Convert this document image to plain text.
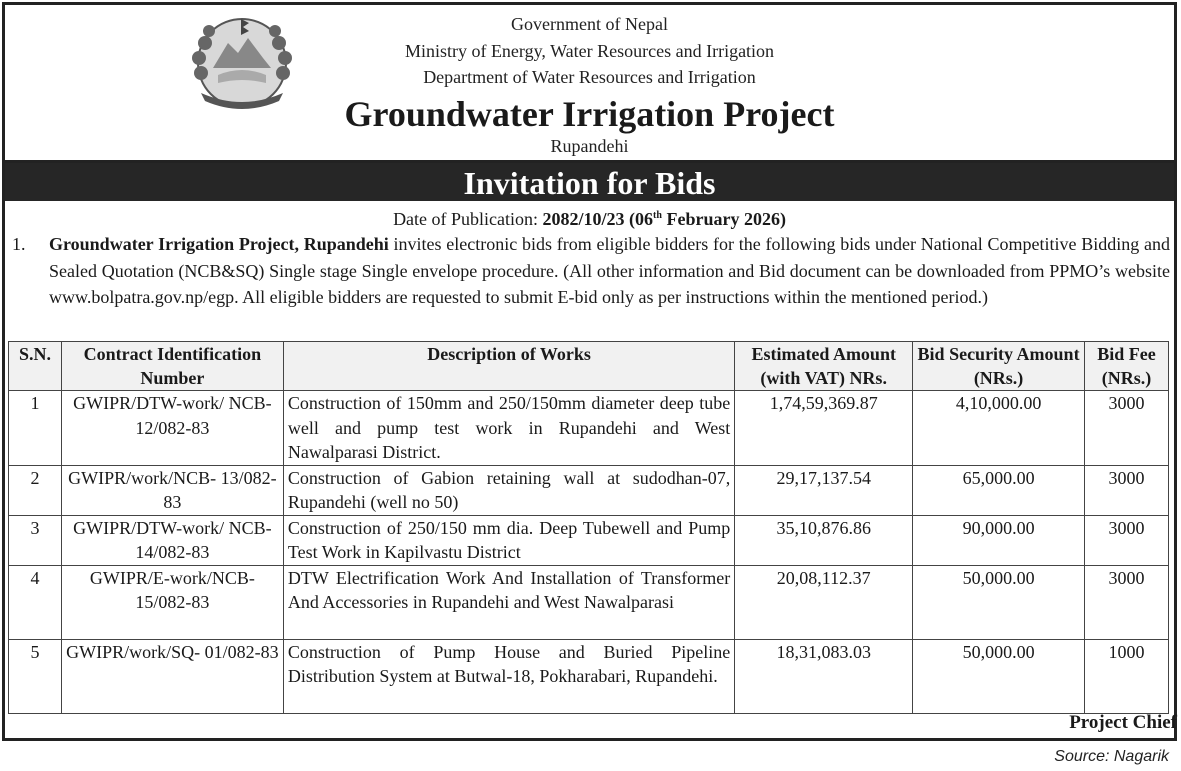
Government of Nepal
Ministry of Energy, Water Resources and Irrigation
Department of Water Resources and Irrigation
Groundwater Irrigation Project
Rupandehi
Invitation for Bids
Date of Publication: 2082/10/23 (06th February 2026)
1. Groundwater Irrigation Project, Rupandehi invites electronic bids from eligible bidders for the following bids under National Competitive Bidding and Sealed Quotation (NCB&SQ) Single stage Single envelope procedure. (All other information and Bid document can be downloaded from PPMO’s website www.bolpatra.gov.np/egp. All eligible bidders are requested to submit E-bid only as per instructions within the mentioned period.)
S.N.	Contract Identification Number	Description of Works	Estimated Amount (with VAT) NRs.	Bid Security Amount (NRs.)	Bid Fee (NRs.)
1	GWIPR/DTW-work/ NCB-12/082-83	Construction of 150mm and 250/150mm diameter deep tube well and pump test work in Rupandehi and West Nawalparasi District.	1,74,59,369.87	4,10,000.00	3000
2	GWIPR/work/NCB- 13/082-83	Construction of Gabion retaining wall at sudodhan-07, Rupandehi (well no 50)	29,17,137.54	65,000.00	3000
3	GWIPR/DTW-work/ NCB-14/082-83	Construction of 250/150 mm dia. Deep Tubewell and Pump Test Work in Kapilvastu District	35,10,876.86	90,000.00	3000
4	GWIPR/E-work/NCB- 15/082-83	DTW Electrification Work And Installation of Transformer And Accessories in Rupandehi and West Nawalparasi	20,08,112.37	50,000.00	3000
5	GWIPR/work/SQ- 01/082-83	Construction of Pump House and Buried Pipeline Distribution System at Butwal-18, Pokharabari, Rupandehi.	18,31,083.03	50,000.00	1000
Project Chief
Source: Nagarik
